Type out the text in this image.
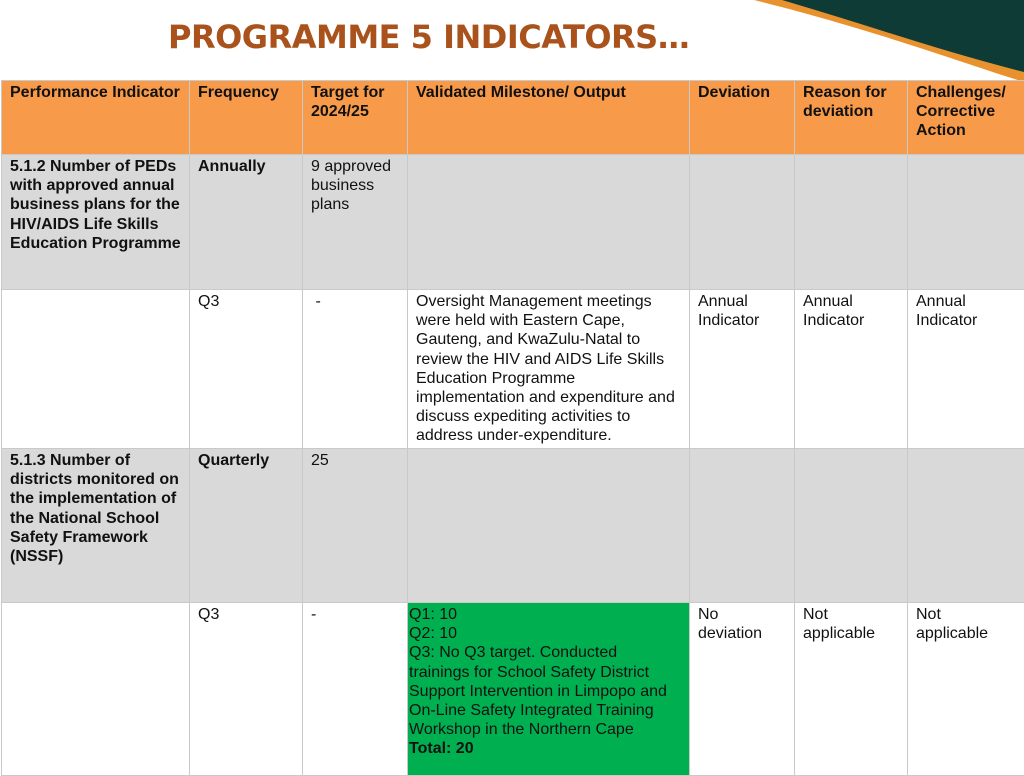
PROGRAMME 5 INDICATORS…
Performance Indicator	Frequency	Target for 2024/25	Validated Milestone/ Output	Deviation	Reason for deviation	Challenges/ Corrective Action
5.1.2 Number of PEDs with approved annual business plans for the HIV/AIDS Life Skills Education Programme	Annually	9 approved business plans				
	Q3	-	Oversight Management meetings were held with Eastern Cape, Gauteng, and KwaZulu-Natal to review the HIV and AIDS Life Skills Education Programme implementation and expenditure and discuss expediting activities to address under-expenditure.	Annual Indicator	Annual Indicator	Annual Indicator
5.1.3 Number of districts monitored on the implementation of the National School Safety Framework (NSSF)	Quarterly	25				
	Q3	-	Q1: 10
Q2: 10
Q3: No Q3 target. Conducted trainings for School Safety District Support Intervention in Limpopo and On-Line Safety Integrated Training Workshop in the Northern Cape
Total: 20	No deviation	Not applicable	Not applicable
